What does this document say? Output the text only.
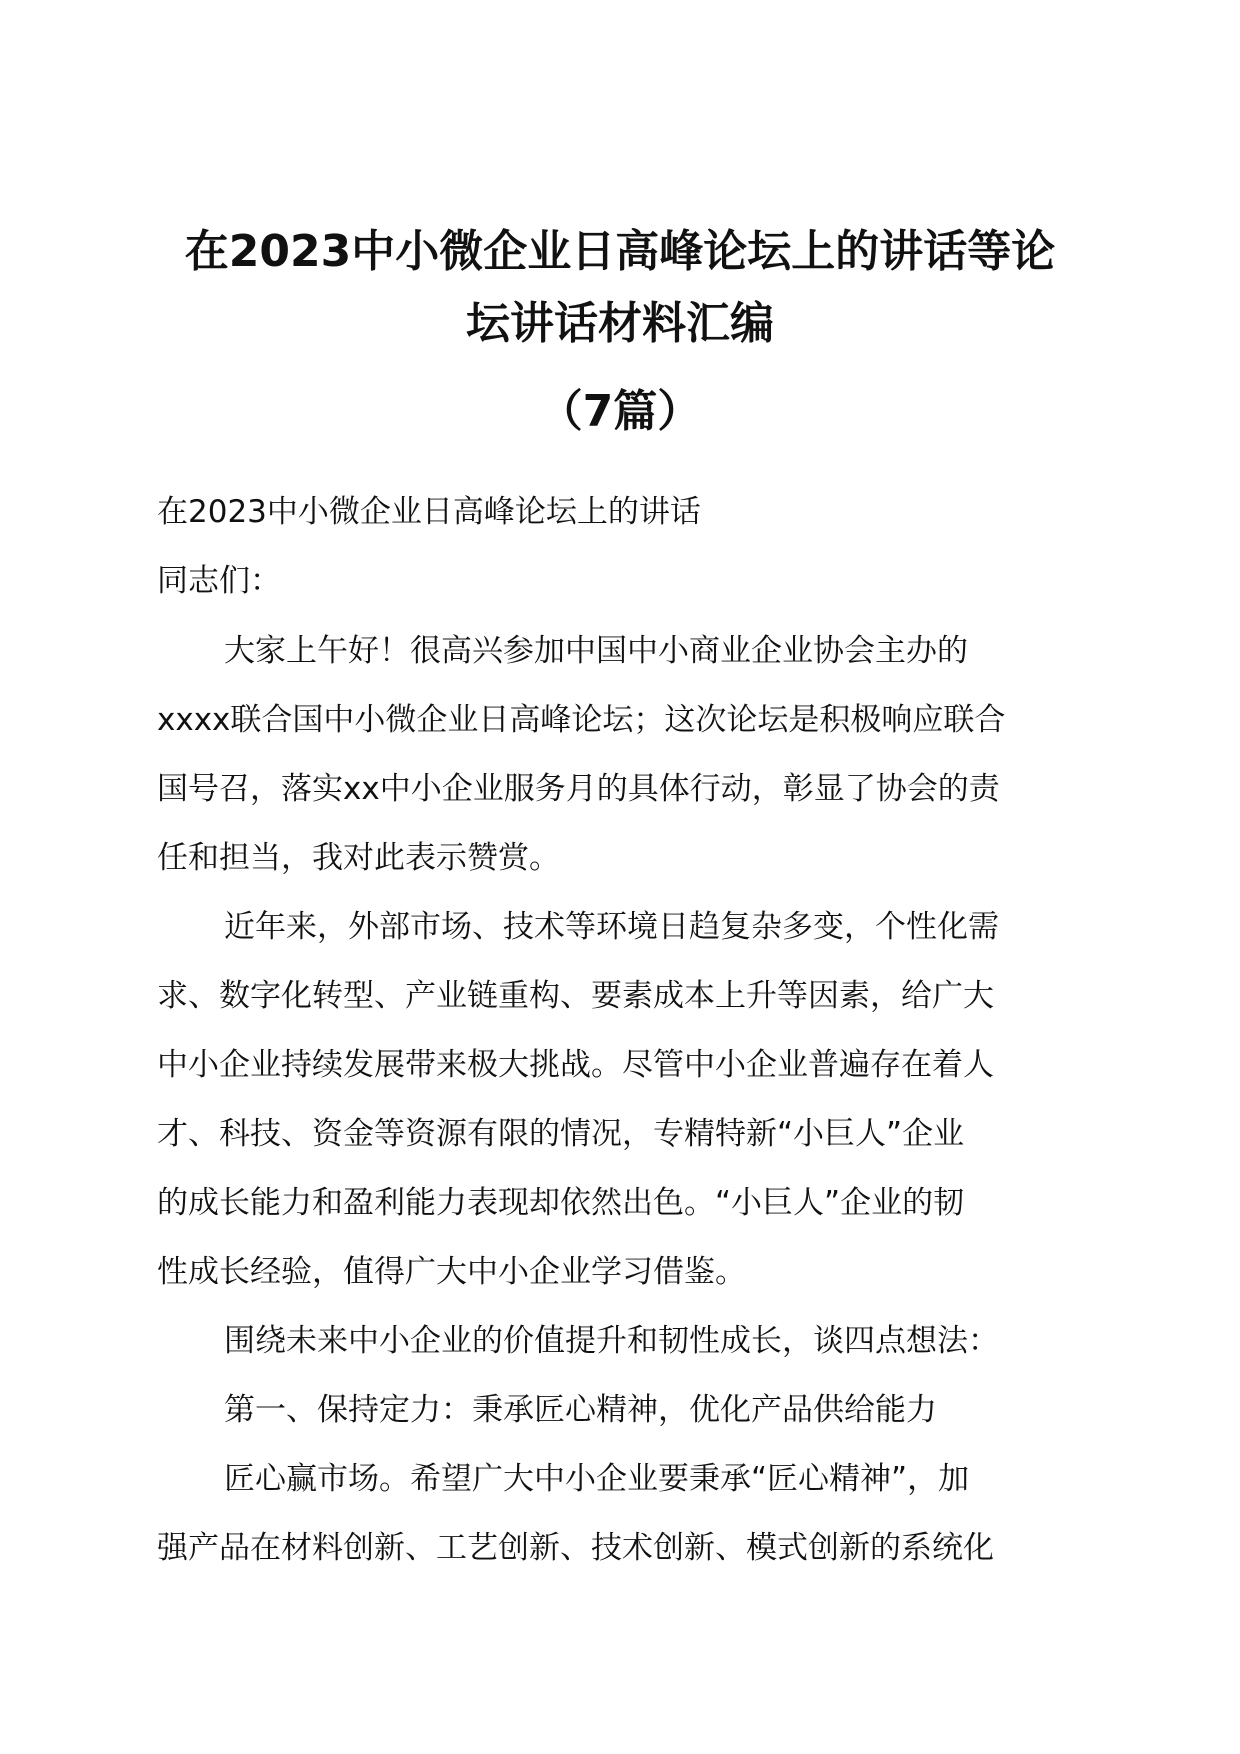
在2023中小微企业日高峰论坛上的讲话等论
坛讲话材料汇编
（7篇）

在2023中小微企业日高峰论坛上的讲话

同志们：

大家上午好！很高兴参加中国中小商业企业协会主办的

xxxx联合国中小微企业日高峰论坛；这次论坛是积极响应联合

国号召，落实xx中小企业服务月的具体行动，彰显了协会的责

任和担当，我对此表示赞赏。

近年来，外部市场、技术等环境日趋复杂多变，个性化需

求、数字化转型、产业链重构、要素成本上升等因素，给广大

中小企业持续发展带来极大挑战。尽管中小企业普遍存在着人

才、科技、资金等资源有限的情况，专精特新“小巨人”企业

的成长能力和盈利能力表现却依然出色。“小巨人”企业的韧

性成长经验，值得广大中小企业学习借鉴。

围绕未来中小企业的价值提升和韧性成长，谈四点想法：

第一、保持定力：秉承匠心精神，优化产品供给能力

匠心赢市场。希望广大中小企业要秉承“匠心精神”，加

强产品在材料创新、工艺创新、技术创新、模式创新的系统化
